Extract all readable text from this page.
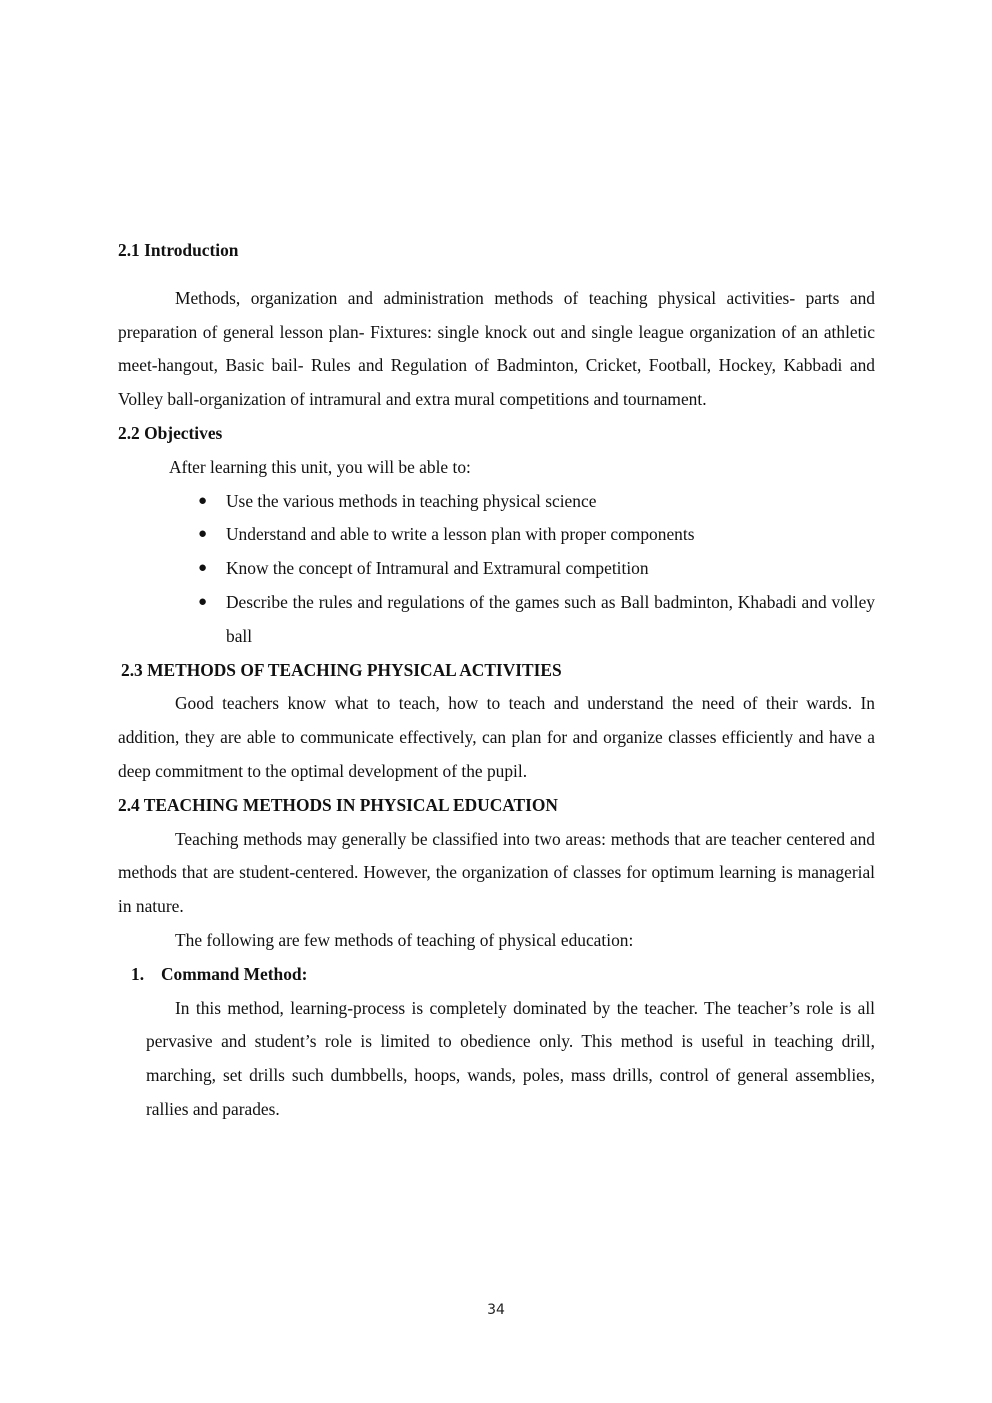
2.1 Introduction

Methods, organization and administration methods of teaching physical activities- parts and preparation of general lesson plan- Fixtures: single knock out and single league organization of an athletic meet-hangout, Basic bail- Rules and Regulation of Badminton, Cricket, Football, Hockey, Kabbadi and Volley ball-organization of intramural and extra mural competitions and tournament.

2.2 Objectives

After learning this unit, you will be able to:

● Use the various methods in teaching physical science
● Understand and able to write a lesson plan with proper components
● Know the concept of Intramural and Extramural competition
● Describe the rules and regulations of the games such as Ball badminton, Khabadi and volley ball

2.3 METHODS OF TEACHING PHYSICAL ACTIVITIES

Good teachers know what to teach, how to teach and understand the need of their wards. In addition, they are able to communicate effectively, can plan for and organize classes efficiently and have a deep commitment to the optimal development of the pupil.

2.4 TEACHING METHODS IN PHYSICAL EDUCATION

Teaching methods may generally be classified into two areas: methods that are teacher centered and methods that are student-centered. However, the organization of classes for optimum learning is managerial in nature.

The following are few methods of teaching of physical education:

1. Command Method:

In this method, learning-process is completely dominated by the teacher. The teacher’s role is all pervasive and student’s role is limited to obedience only. This method is useful in teaching drill, marching, set drills such dumbbells, hoops, wands, poles, mass drills, control of general assemblies, rallies and parades.

34
